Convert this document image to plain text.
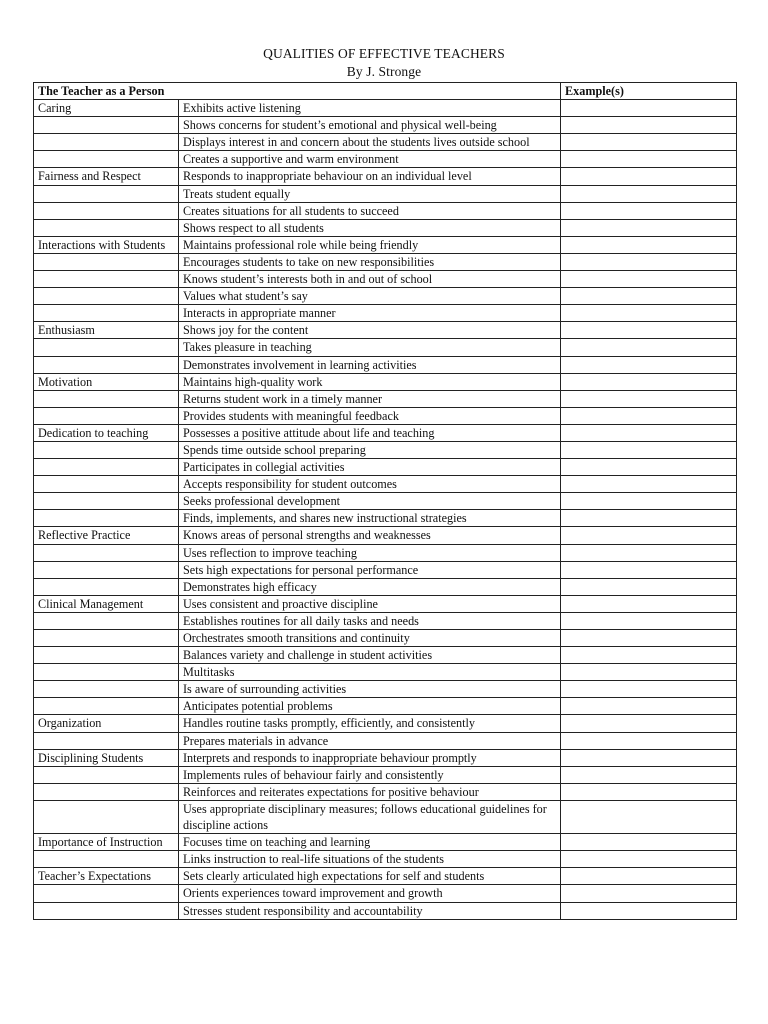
QUALITIES OF EFFECTIVE TEACHERS
By J. Stronge
The Teacher as a Person		Example(s)
Caring	Exhibits active listening	
	Shows concerns for student’s emotional and physical well-being	
	Displays interest in and concern about the students lives outside school	
	Creates a supportive and warm environment	
Fairness and Respect	Responds to inappropriate behaviour on an individual level	
	Treats student equally	
	Creates situations for all students to succeed	
	Shows respect to all students	
Interactions with Students	Maintains professional role while being friendly	
	Encourages students to take on new responsibilities	
	Knows student’s interests both in and out of school	
	Values what student’s say	
	Interacts in appropriate manner	
Enthusiasm	Shows joy for the content	
	Takes pleasure in teaching	
	Demonstrates involvement in learning activities	
Motivation	Maintains high-quality work	
	Returns student work in a timely manner	
	Provides students with meaningful feedback	
Dedication to teaching	Possesses a positive attitude about life and teaching	
	Spends time outside school preparing	
	Participates in collegial activities	
	Accepts responsibility for student outcomes	
	Seeks professional development	
	Finds, implements, and shares new instructional strategies	
Reflective Practice	Knows areas of personal strengths and weaknesses	
	Uses reflection to improve teaching	
	Sets high expectations for personal performance	
	Demonstrates high efficacy	
Clinical Management	Uses consistent and proactive discipline	
	Establishes routines for all daily tasks and needs	
	Orchestrates smooth transitions and continuity	
	Balances variety and challenge in student activities	
	Multitasks	
	Is aware of surrounding activities	
	Anticipates potential problems	
Organization	Handles routine tasks promptly, efficiently, and consistently	
	Prepares materials in advance	
Disciplining Students	Interprets and responds to inappropriate behaviour promptly	
	Implements rules of behaviour fairly and consistently	
	Reinforces and reiterates expectations for positive behaviour	
	Uses appropriate disciplinary measures; follows educational guidelines for discipline actions	
Importance of Instruction	Focuses time on teaching and learning	
	Links instruction to real-life situations of the students	
Teacher’s Expectations	Sets clearly articulated high expectations for self and students	
	Orients experiences toward improvement and growth	
	Stresses student responsibility and accountability	
